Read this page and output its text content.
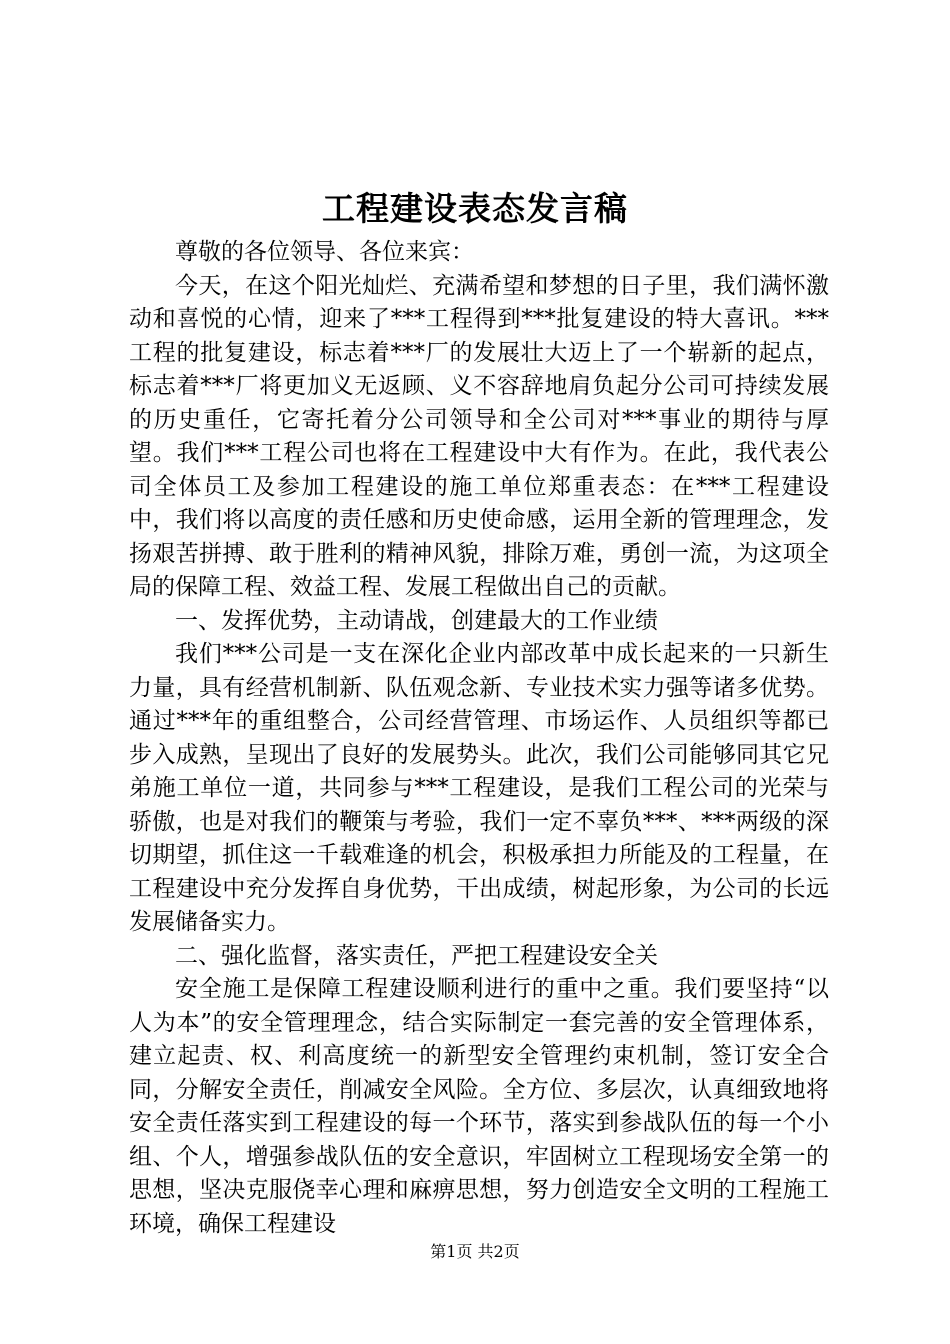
工程建设表态发言稿

尊敬的各位领导、各位来宾：

今天，在这个阳光灿烂、充满希望和梦想的日子里，我们满怀激动和喜悦的心情，迎来了***工程得到***批复建设的特大喜讯。***工程的批复建设，标志着***厂的发展壮大迈上了一个崭新的起点，标志着***厂将更加义无返顾、义不容辞地肩负起分公司可持续发展的历史重任，它寄托着分公司领导和全公司对***事业的期待与厚望。我们***工程公司也将在工程建设中大有作为。在此，我代表公司全体员工及参加工程建设的施工单位郑重表态：在***工程建设中，我们将以高度的责任感和历史使命感，运用全新的管理理念，发扬艰苦拼搏、敢于胜利的精神风貌，排除万难，勇创一流，为这项全局的保障工程、效益工程、发展工程做出自己的贡献。

一、发挥优势，主动请战，创建最大的工作业绩

我们***公司是一支在深化企业内部改革中成长起来的一只新生力量，具有经营机制新、队伍观念新、专业技术实力强等诸多优势。通过***年的重组整合，公司经营管理、市场运作、人员组织等都已步入成熟，呈现出了良好的发展势头。此次，我们公司能够同其它兄弟施工单位一道，共同参与***工程建设，是我们工程公司的光荣与骄傲，也是对我们的鞭策与考验，我们一定不辜负***、***两级的深切期望，抓住这一千载难逢的机会，积极承担力所能及的工程量，在工程建设中充分发挥自身优势，干出成绩，树起形象，为公司的长远发展储备实力。

二、强化监督，落实责任，严把工程建设安全关

安全施工是保障工程建设顺利进行的重中之重。我们要坚持“以人为本”的安全管理理念，结合实际制定一套完善的安全管理体系，建立起责、权、利高度统一的新型安全管理约束机制，签订安全合同，分解安全责任，削减安全风险。全方位、多层次，认真细致地将安全责任落实到工程建设的每一个环节，落实到参战队伍的每一个小组、个人，增强参战队伍的安全意识，牢固树立工程现场安全第一的思想，坚决克服侥幸心理和麻痹思想，努力创造安全文明的工程施工环境，确保工程建设

第1页 共2页
